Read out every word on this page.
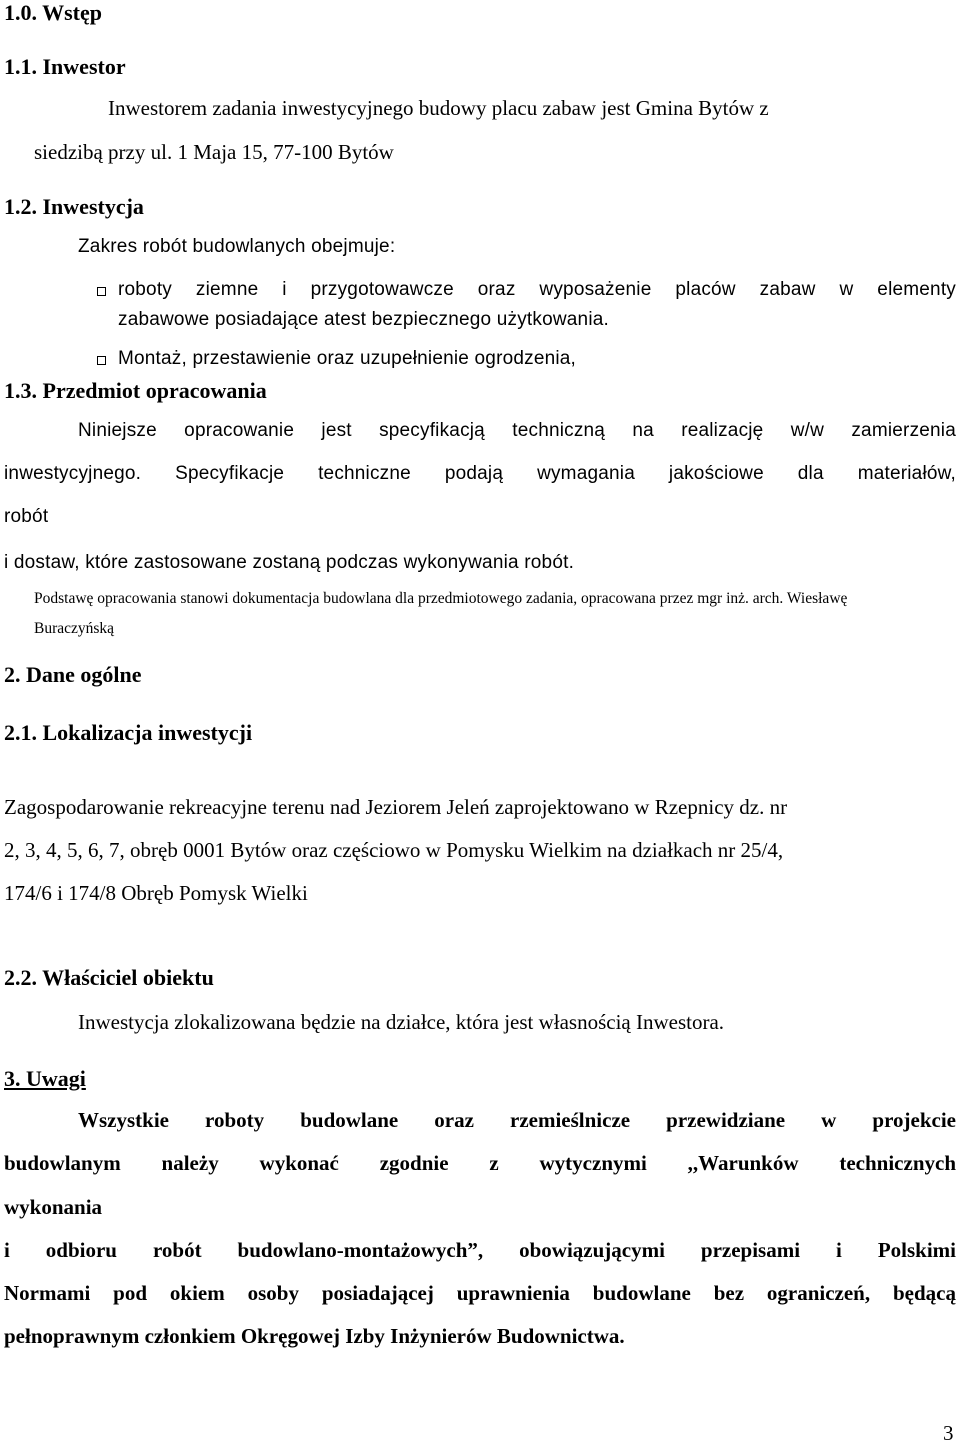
1.0. Wstęp
1.1. Inwestor
Inwestorem zadania inwestycyjnego budowy placu zabaw jest Gmina Bytów z
siedzibą przy ul. 1 Maja 15, 77-100 Bytów
1.2. Inwestycja
Zakres robót budowlanych obejmuje:
roboty ziemne i przygotowawcze oraz wyposażenie placów zabaw w elementy
zabawowe posiadające atest bezpiecznego użytkowania.
Montaż, przestawienie oraz uzupełnienie ogrodzenia,
1.3. Przedmiot opracowania
Niniejsze opracowanie jest specyfikacją techniczną na realizację w/w zamierzenia
inwestycyjnego. Specyfikacje techniczne podają wymagania jakościowe dla materiałów,
robót
i dostaw, które zastosowane zostaną podczas wykonywania robót.
Podstawę opracowania stanowi dokumentacja budowlana dla przedmiotowego zadania, opracowana przez mgr inż. arch. Wiesławę
Buraczyńską
2. Dane ogólne
2.1. Lokalizacja inwestycji
Zagospodarowanie rekreacyjne terenu nad Jeziorem Jeleń zaprojektowano w Rzepnicy dz. nr
2, 3, 4, 5, 6, 7, obręb 0001 Bytów oraz częściowo w Pomysku Wielkim na działkach nr 25/4,
174/6 i 174/8 Obręb Pomysk Wielki
2.2. Właściciel obiektu
Inwestycja zlokalizowana będzie na działce, która jest własnością Inwestora.
3. Uwagi
Wszystkie roboty budowlane oraz rzemieślnicze przewidziane w projekcie
budowlanym należy wykonać zgodnie z wytycznymi ,,Warunków technicznych
wykonania
i odbioru robót budowlano-montażowych”, obowiązującymi przepisami i Polskimi
Normami pod okiem osoby posiadającej uprawnienia budowlane bez ograniczeń, będącą
pełnoprawnym członkiem Okręgowej Izby Inżynierów Budownictwa.
3
